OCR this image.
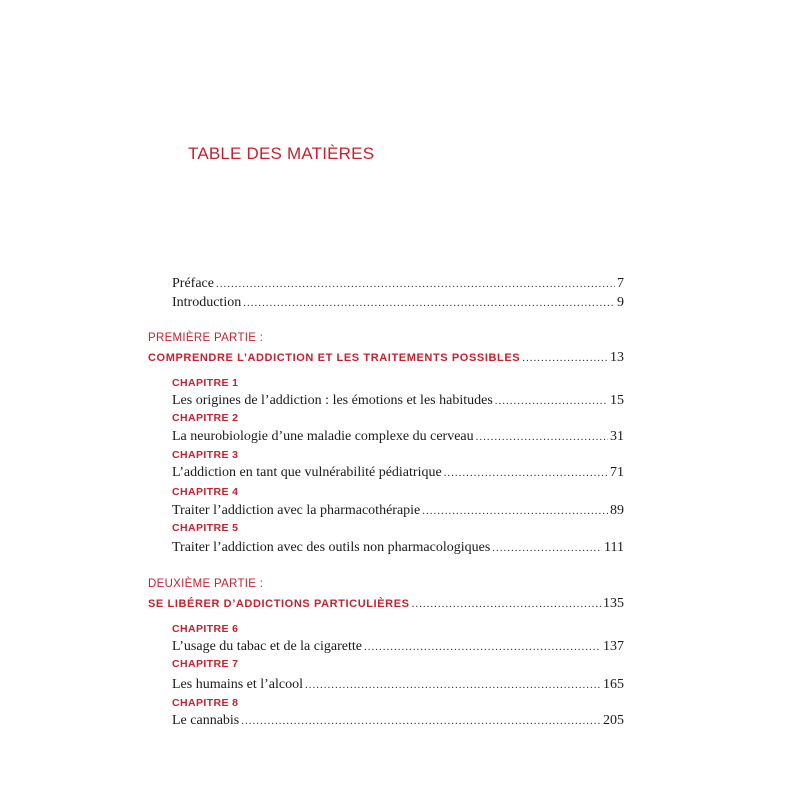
TABLE DES MATIÈRES
Préface .....	7
Introduction .....	9
PREMIÈRE PARTIE :
COMPRENDRE L’ADDICTION ET LES TRAITEMENTS POSSIBLES .....	13
CHAPITRE 1
Les origines de l’addiction : les émotions et les habitudes .....	15
CHAPITRE 2
La neurobiologie d’une maladie complexe du cerveau .....	31
CHAPITRE 3
L’addiction en tant que vulnérabilité pédiatrique .....	71
CHAPITRE 4
Traiter l’addiction avec la pharmacothérapie .....	89
CHAPITRE 5
Traiter l’addiction avec des outils non pharmacologiques .....	111
DEUXIÈME PARTIE :
SE LIBÉRER D’ADDICTIONS PARTICULIÈRES .....	135
CHAPITRE 6
L’usage du tabac et de la cigarette .....	137
CHAPITRE 7
Les humains et l’alcool .....	165
CHAPITRE 8
Le cannabis .....	205
